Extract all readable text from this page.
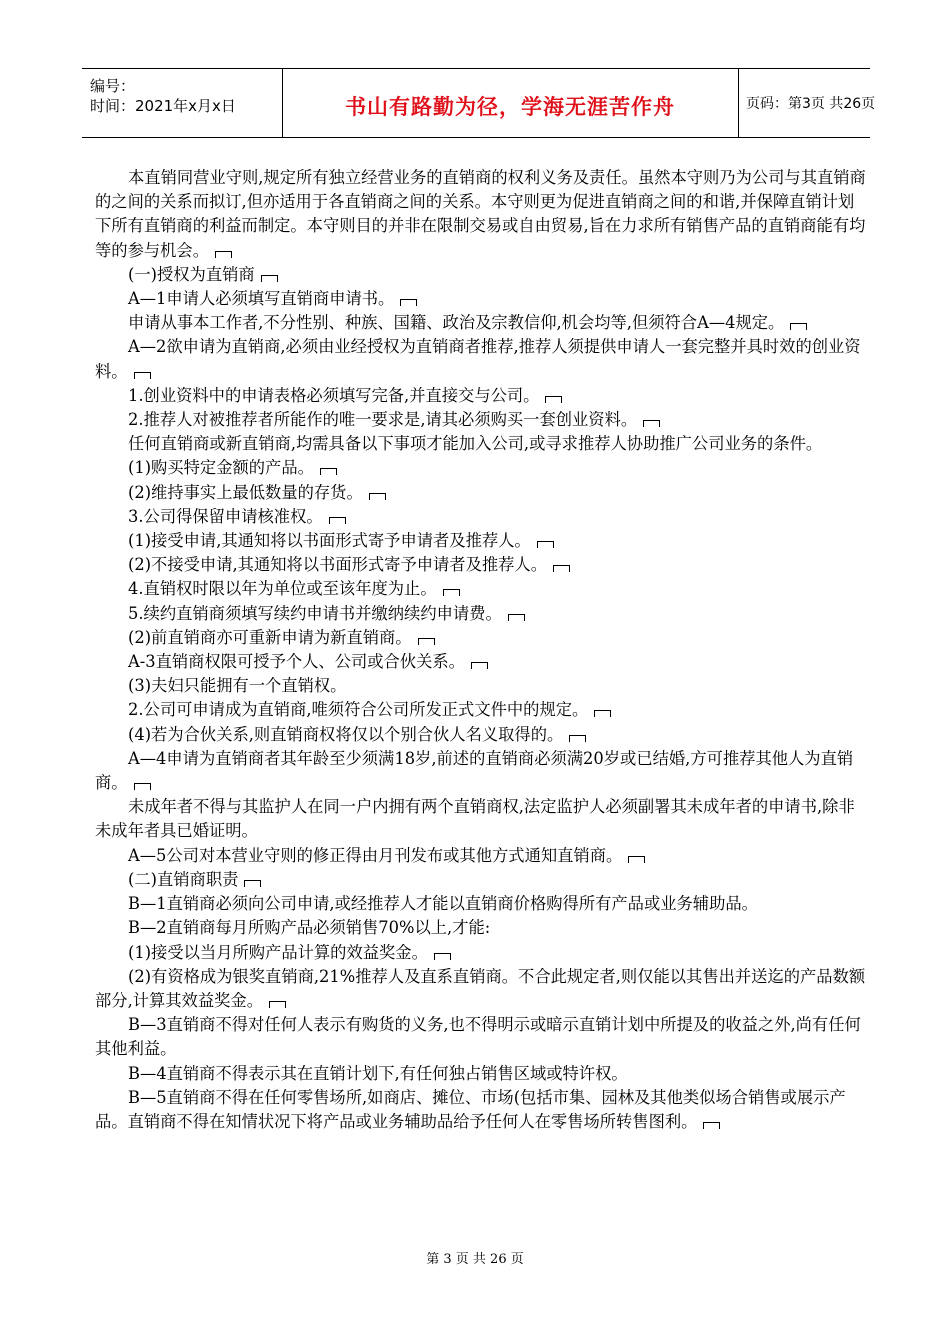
编号：
时间：2021年x月x日	书山有路勤为径，学海无涯苦作舟	页码：第3页 共26页

本直销同营业守则,规定所有独立经营业务的直销商的权利义务及责任。虽然本守则乃为公司与其直销商的之间的关系而拟订,但亦适用于各直销商之间的关系。本守则更为促进直销商之间的和谐,并保障直销计划下所有直销商的利益而制定。本守则目的并非在限制交易或自由贸易,旨在力求所有销售产品的直销商能有均等的参与机会。

(一)授权为直销商

A—1申请人必须填写直销商申请书。

申请从事本工作者,不分性别、种族、国籍、政治及宗教信仰,机会均等,但须符合A—4规定。

A—2欲申请为直销商,必须由业经授权为直销商者推荐,推荐人须提供申请人一套完整并具时效的创业资料。

1.创业资料中的申请表格必须填写完备,并直接交与公司。

2.推荐人对被推荐者所能作的唯一要求是,请其必须购买一套创业资料。

任何直销商或新直销商,均需具备以下事项才能加入公司,或寻求推荐人协助推广公司业务的条件。

(1)购买特定金额的产品。

(2)维持事实上最低数量的存货。

3.公司得保留申请核准权。

(1)接受申请,其通知将以书面形式寄予申请者及推荐人。

(2)不接受申请,其通知将以书面形式寄予申请者及推荐人。

4.直销权时限以年为单位或至该年度为止。

5.续约直销商须填写续约申请书并缴纳续约申请费。

(2)前直销商亦可重新申请为新直销商。

A-3直销商权限可授予个人、公司或合伙关系。

(3)夫妇只能拥有一个直销权。

2.公司可申请成为直销商,唯须符合公司所发正式文件中的规定。

(4)若为合伙关系,则直销商权将仅以个别合伙人名义取得的。

A—4申请为直销商者其年龄至少须满18岁,前述的直销商必须满20岁或已结婚,方可推荐其他人为直销商。

未成年者不得与其监护人在同一户内拥有两个直销商权,法定监护人必须副署其未成年者的申请书,除非未成年者具已婚证明。

A—5公司对本营业守则的修正得由月刊发布或其他方式通知直销商。

(二)直销商职责

B—1直销商必须向公司申请,或经推荐人才能以直销商价格购得所有产品或业务辅助品。

B—2直销商每月所购产品必须销售70%以上,才能:

(1)接受以当月所购产品计算的效益奖金。

(2)有资格成为银奖直销商,21%推荐人及直系直销商。不合此规定者,则仅能以其售出并送迄的产品数额部分,计算其效益奖金。

B—3直销商不得对任何人表示有购货的义务,也不得明示或暗示直销计划中所提及的收益之外,尚有任何其他利益。

B—4直销商不得表示其在直销计划下,有任何独占销售区域或特许权。

B—5直销商不得在任何零售场所,如商店、摊位、市场(包括市集、园林及其他类似场合销售或展示产品。直销商不得在知情状况下将产品或业务辅助品给予任何人在零售场所转售图利。

第 3 页 共 26 页
